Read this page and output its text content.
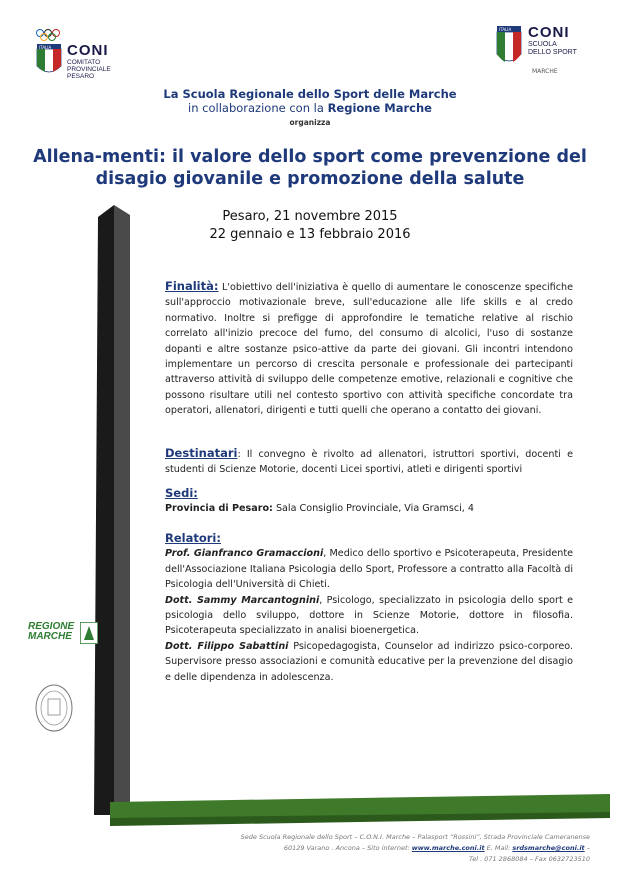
ITALIA CONI
COMITATO
PROVINCIALE
PESARO
ITALIA CONI
SCUOLA
DELLO SPORT
MARCHE
La Scuola Regionale dello Sport delle Marche
in collaborazione con la Regione Marche
organizza
Allena-menti: il valore dello sport come prevenzione del
disagio giovanile e promozione della salute
Pesaro, 21 novembre 2015
22 gennaio e 13 febbraio 2016
REGIONE MARCHE
Finalità: L'obiettivo dell'iniziativa è quello di aumentare le conoscenze specifiche sull'approccio motivazionale breve, sull'educazione alle life skills e al credo normativo. Inoltre si prefigge di approfondire le tematiche relative al rischio correlato all'inizio precoce del fumo, del consumo di alcolici, l'uso di sostanze dopanti e altre sostanze psico-attive da parte dei giovani. Gli incontri intendono implementare un percorso di crescita personale e professionale dei partecipanti attraverso attività di sviluppo delle competenze emotive, relazionali e cognitive che possono risultare utili nel contesto sportivo con attività specifiche concordate tra operatori, allenatori, dirigenti e tutti quelli che operano a contatto dei giovani.
Destinatari: Il convegno è rivolto ad allenatori, istruttori sportivi, docenti e studenti di Scienze Motorie, docenti Licei sportivi, atleti e dirigenti sportivi
Sedi:
Provincia di Pesaro: Sala Consiglio Provinciale, Via Gramsci, 4
Relatori:
Prof. Gianfranco Gramaccioni, Medico dello sportivo e Psicoterapeuta, Presidente dell'Associazione Italiana Psicologia dello Sport, Professore a contratto alla Facoltà di Psicologia dell'Università di Chieti.
Dott. Sammy Marcantognini, Psicologo, specializzato in psicologia dello sport e psicologia dello sviluppo, dottore in Scienze Motorie, dottore in filosofia. Psicoterapeuta specializzato in analisi bioenergetica.
Dott. Filippo Sabattini Psicopedagogista, Counselor ad indirizzo psico-corporeo. Supervisore presso associazioni e comunità educative per la prevenzione del disagio e delle dipendenza in adolescenza.
Sede Scuola Regionale dello Sport – C.O.N.I. Marche – Palasport “Rossini”, Strada Provinciale Cameranense
60129 Varano . Ancona – Sito internet: www.marche.coni.it E. Mail: srdsmarche@coni.it –
Tel . 071 2868084 – Fax 0632723510
